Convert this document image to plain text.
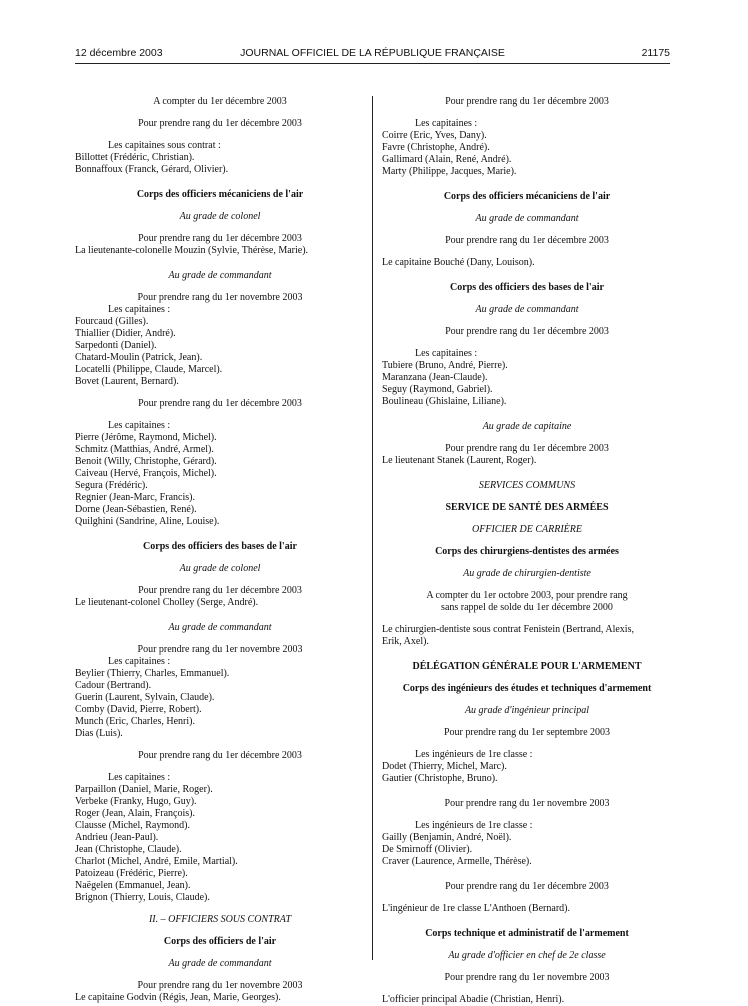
12 décembre 2003	JOURNAL OFFICIEL DE LA RÉPUBLIQUE FRANÇAISE	21175

A compter du 1er décembre 2003

Pour prendre rang du 1er décembre 2003

Les capitaines sous contrat :

Billottet (Frédéric, Christian).

Bonnaffoux (Franck, Gérard, Olivier).

Corps des officiers mécaniciens de l'air

Au grade de colonel

Pour prendre rang du 1er décembre 2003

La lieutenante-colonelle Mouzin (Sylvie, Thérèse, Marie).

Au grade de commandant

Pour prendre rang du 1er novembre 2003

Les capitaines :

Fourcaud (Gilles).

Thiallier (Didier, André).

Sarpedonti (Daniel).

Chatard-Moulin (Patrick, Jean).

Locatelli (Philippe, Claude, Marcel).

Bovet (Laurent, Bernard).

Pour prendre rang du 1er décembre 2003

Les capitaines :

Pierre (Jérôme, Raymond, Michel).

Schmitz (Matthias, André, Armel).

Benoit (Willy, Christophe, Gérard).

Caiveau (Hervé, François, Michel).

Segura (Frédéric).

Regnier (Jean-Marc, Francis).

Dorne (Jean-Sébastien, René).

Quilghini (Sandrine, Aline, Louise).

Corps des officiers des bases de l'air

Au grade de colonel

Pour prendre rang du 1er décembre 2003

Le lieutenant-colonel Cholley (Serge, André).

Au grade de commandant

Pour prendre rang du 1er novembre 2003

Les capitaines :

Beylier (Thierry, Charles, Emmanuel).

Cadour (Bertrand).

Guerin (Laurent, Sylvain, Claude).

Comby (David, Pierre, Robert).

Munch (Eric, Charles, Henri).

Dias (Luis).

Pour prendre rang du 1er décembre 2003

Les capitaines :

Parpaillon (Daniel, Marie, Roger).

Verbeke (Franky, Hugo, Guy).

Roger (Jean, Alain, François).

Clausse (Michel, Raymond).

Andrieu (Jean-Paul).

Jean (Christophe, Claude).

Charlot (Michel, André, Emile, Martial).

Patoizeau (Frédéric, Pierre).

Naëgelen (Emmanuel, Jean).

Brignon (Thierry, Louis, Claude).

II. – OFFICIERS SOUS CONTRAT

Corps des officiers de l'air

Au grade de commandant

Pour prendre rang du 1er novembre 2003

Le capitaine Godvin (Régis, Jean, Marie, Georges).

Pour prendre rang du 1er décembre 2003

Les capitaines :

Coirre (Eric, Yves, Dany).

Favre (Christophe, André).

Gallimard (Alain, René, André).

Marty (Philippe, Jacques, Marie).

Corps des officiers mécaniciens de l'air

Au grade de commandant

Pour prendre rang du 1er décembre 2003

Le capitaine Bouché (Dany, Louison).

Corps des officiers des bases de l'air

Au grade de commandant

Pour prendre rang du 1er décembre 2003

Les capitaines :

Tubiere (Bruno, André, Pierre).

Maranzana (Jean-Claude).

Seguy (Raymond, Gabriel).

Boulineau (Ghislaine, Liliane).

Au grade de capitaine

Pour prendre rang du 1er décembre 2003

Le lieutenant Stanek (Laurent, Roger).

SERVICES COMMUNS

SERVICE DE SANTÉ DES ARMÉES

OFFICIER DE CARRIÈRE

Corps des chirurgiens-dentistes des armées

Au grade de chirurgien-dentiste

A compter du 1er octobre 2003, pour prendre rang

sans rappel de solde du 1er décembre 2000

Le chirurgien-dentiste sous contrat Fenistein (Bertrand, Alexis,

Erik, Axel).

DÉLÉGATION GÉNÉRALE POUR L'ARMEMENT

Corps des ingénieurs des études et techniques d'armement

Au grade d'ingénieur principal

Pour prendre rang du 1er septembre 2003

Les ingénieurs de 1re classe :

Dodet (Thierry, Michel, Marc).

Gautier (Christophe, Bruno).

Pour prendre rang du 1er novembre 2003

Les ingénieurs de 1re classe :

Gailly (Benjamin, André, Noël).

De Smirnoff (Olivier).

Craver (Laurence, Armelle, Thérèse).

Pour prendre rang du 1er décembre 2003

L'ingénieur de 1re classe L'Anthoen (Bernard).

Corps technique et administratif de l'armement

Au grade d'officier en chef de 2e classe

Pour prendre rang du 1er novembre 2003

L'officier principal Abadie (Christian, Henri).
